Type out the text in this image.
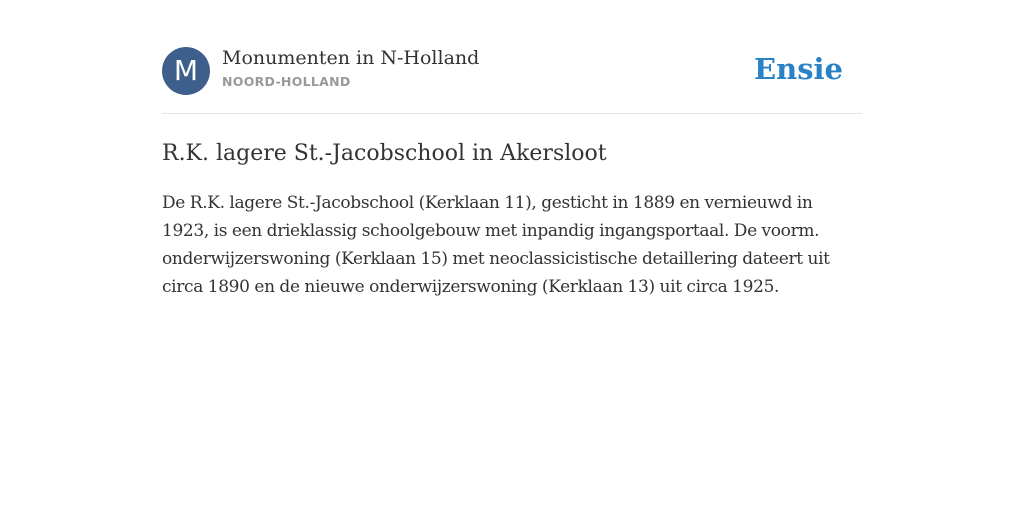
M	Monumenten in N-Holland
NOORD-HOLLAND	Ensie
R.K. lagere St.-Jacobschool in Akersloot

De R.K. lagere St.-Jacobschool (Kerklaan 11), gesticht in 1889 en vernieuwd in 1923, is een drieklassig schoolgebouw met inpandig ingangsportaal. De voorm. onderwijzerswoning (Kerklaan 15) met neoclassicistische detaillering dateert uit circa 1890 en de nieuwe onderwijzerswoning (Kerklaan 13) uit circa 1925.
